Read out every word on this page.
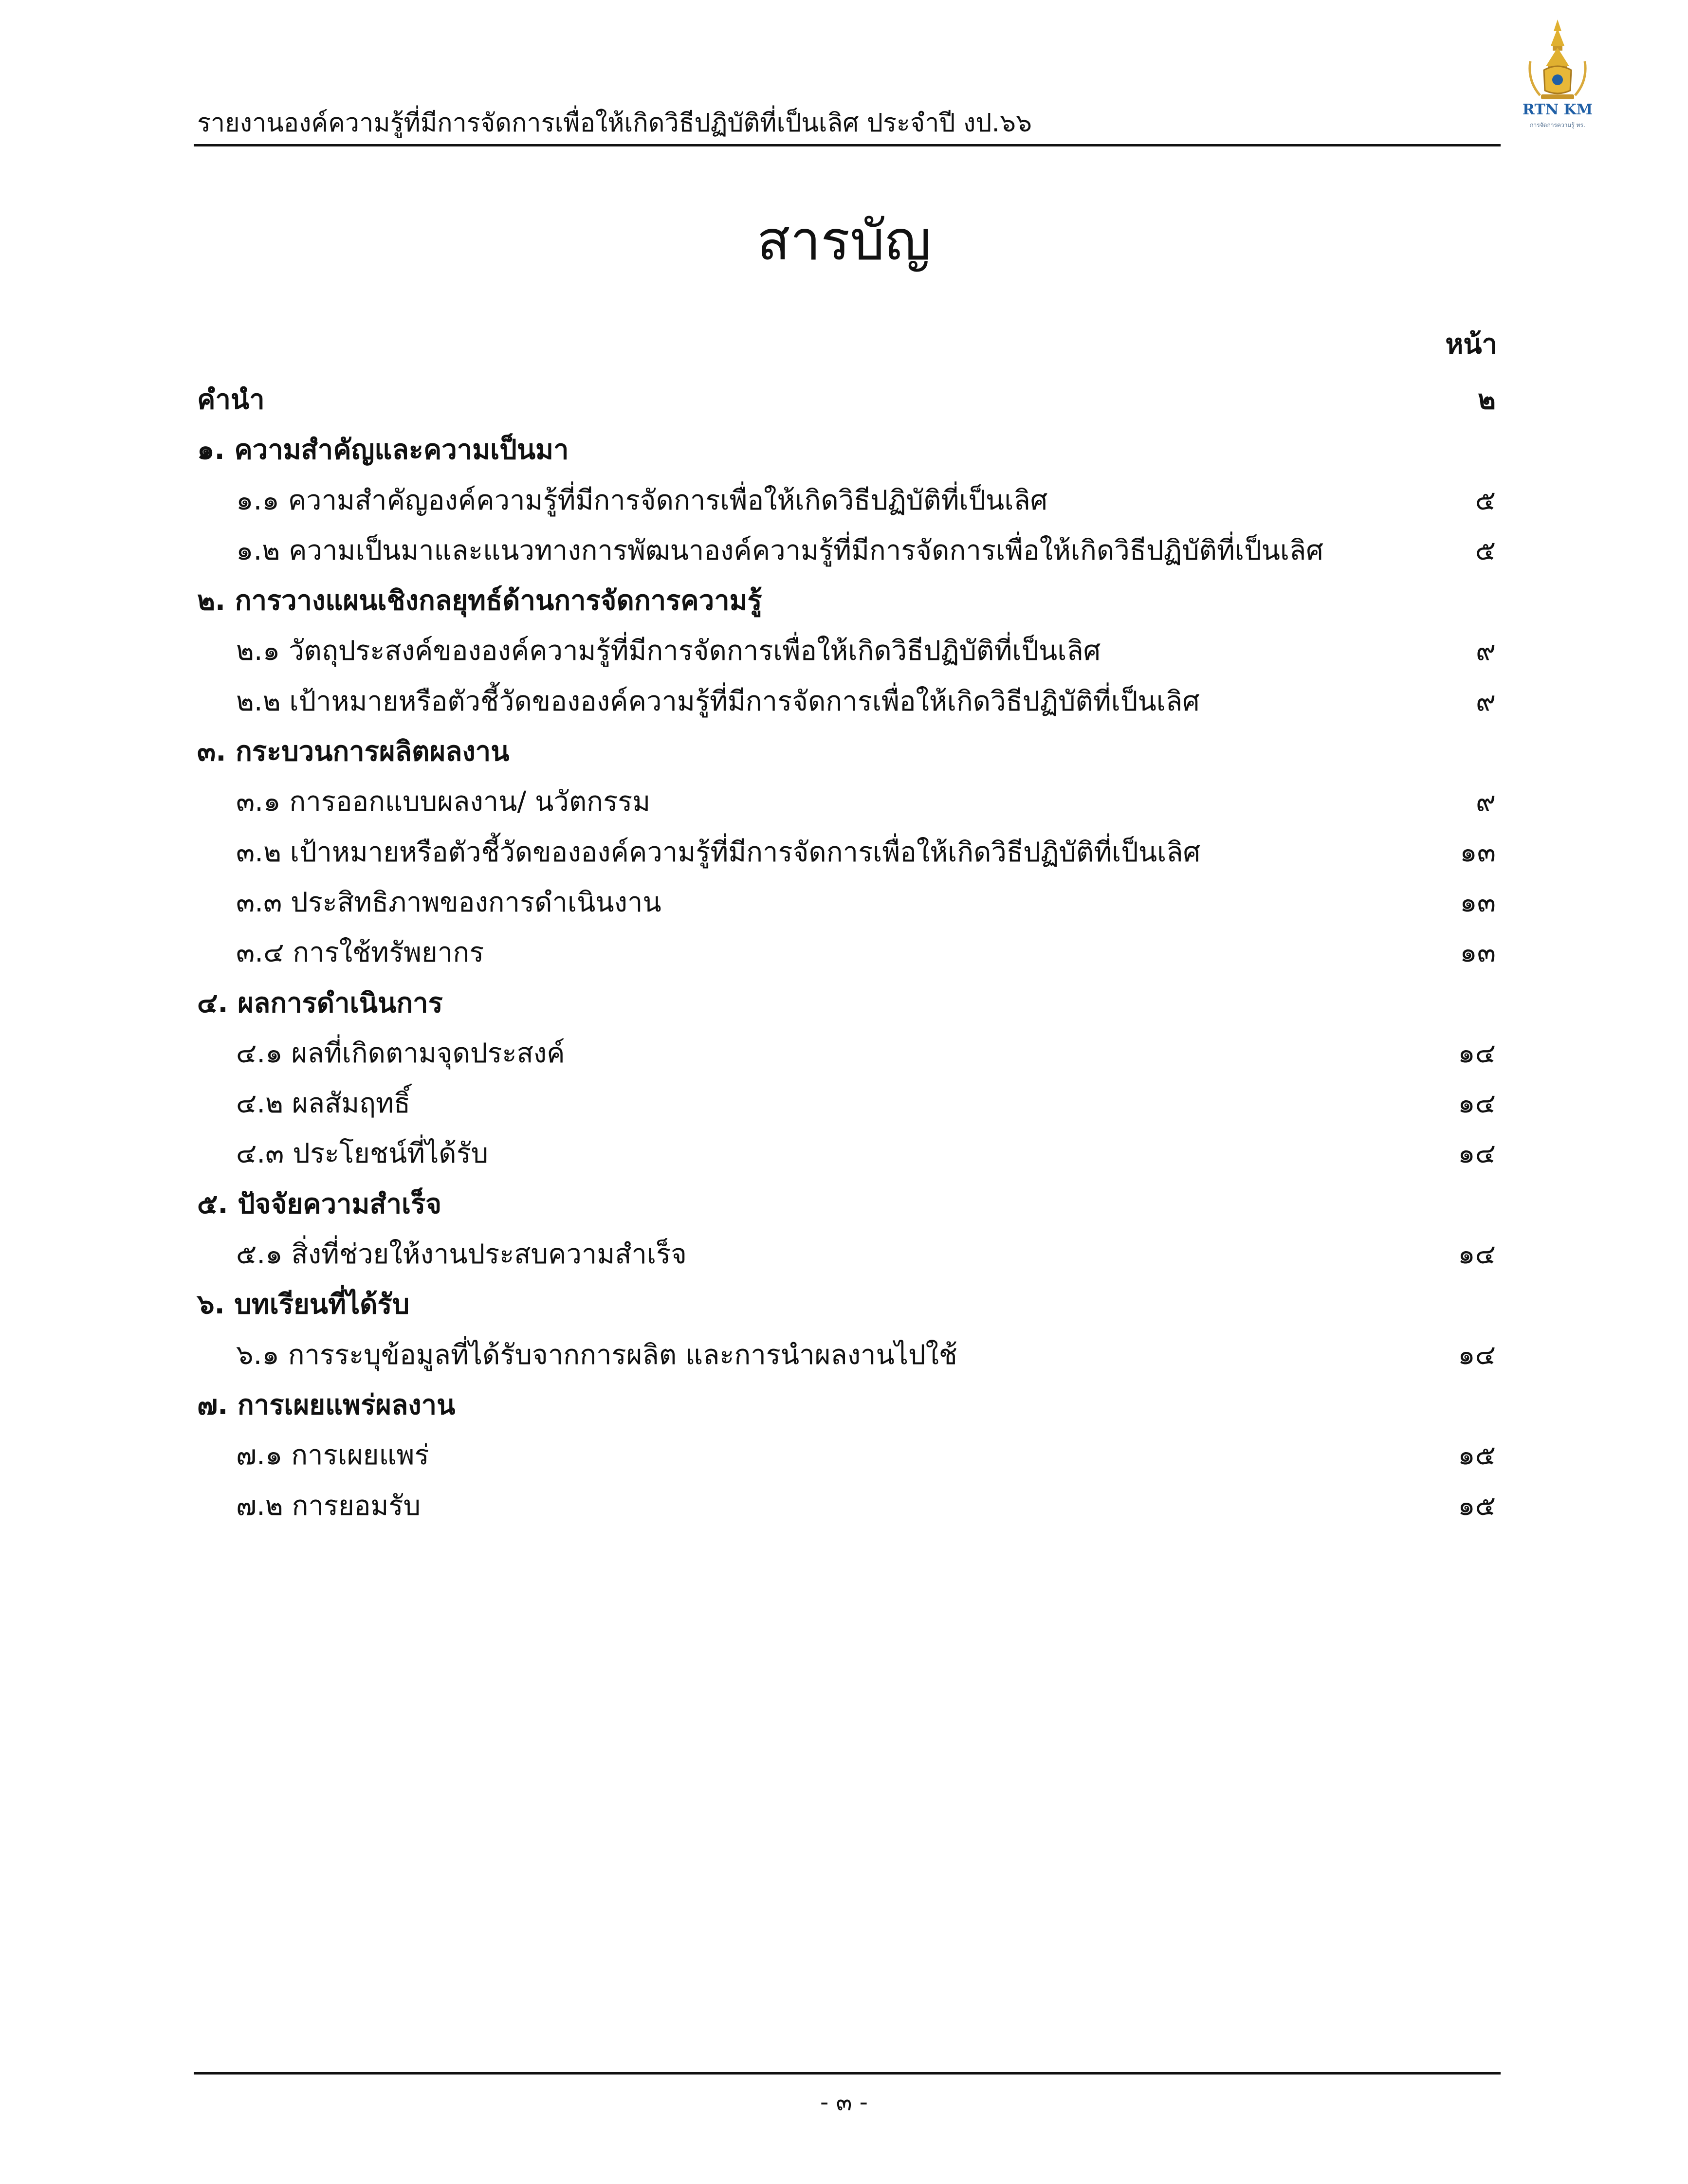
รายงานองค์ความรู้ที่มีการจัดการเพื่อให้เกิดวิธีปฏิบัติที่เป็นเลิศ ประจำปี งป.๖๖	RTN KM
การจัดการความรู้ ทร.
สารบัญ
หน้า
คำนำ	๒
๑. ความสำคัญและความเป็นมา
๑.๑ ความสำคัญองค์ความรู้ที่มีการจัดการเพื่อให้เกิดวิธีปฏิบัติที่เป็นเลิศ	๕
๑.๒ ความเป็นมาและแนวทางการพัฒนาองค์ความรู้ที่มีการจัดการเพื่อให้เกิดวิธีปฏิบัติที่เป็นเลิศ	๕
๒. การวางแผนเชิงกลยุทธ์ด้านการจัดการความรู้
๒.๑ วัตถุประสงค์ขององค์ความรู้ที่มีการจัดการเพื่อให้เกิดวิธีปฏิบัติที่เป็นเลิศ	๙
๒.๒ เป้าหมายหรือตัวชี้วัดขององค์ความรู้ที่มีการจัดการเพื่อให้เกิดวิธีปฏิบัติที่เป็นเลิศ	๙
๓. กระบวนการผลิตผลงาน
๓.๑ การออกแบบผลงาน/ นวัตกรรม	๙
๓.๒ เป้าหมายหรือตัวชี้วัดขององค์ความรู้ที่มีการจัดการเพื่อให้เกิดวิธีปฏิบัติที่เป็นเลิศ	๑๓
๓.๓ ประสิทธิภาพของการดำเนินงาน	๑๓
๓.๔ การใช้ทรัพยากร	๑๓
๔. ผลการดำเนินการ
๔.๑ ผลที่เกิดตามจุดประสงค์	๑๔
๔.๒ ผลสัมฤทธิ์	๑๔
๔.๓ ประโยชน์ที่ได้รับ	๑๔
๕. ปัจจัยความสำเร็จ
๕.๑ สิ่งที่ช่วยให้งานประสบความสำเร็จ	๑๔
๖. บทเรียนที่ได้รับ
๖.๑ การระบุข้อมูลที่ได้รับจากการผลิต และการนำผลงานไปใช้	๑๔
๗. การเผยแพร่ผลงาน
๗.๑ การเผยแพร่	๑๕
๗.๒ การยอมรับ	๑๕
- ๓ -
